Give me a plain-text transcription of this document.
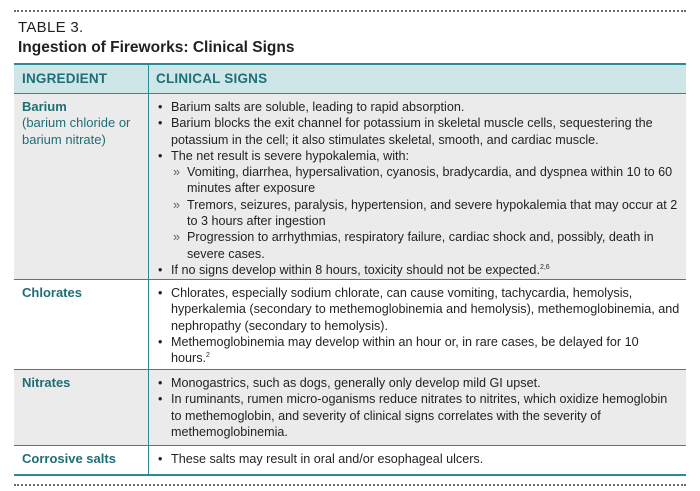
TABLE 3.
Ingestion of Fireworks: Clinical Signs
INGREDIENT	CLINICAL SIGNS
Barium
(barium chloride or barium nitrate)
• Barium salts are soluble, leading to rapid absorption.
• Barium blocks the exit channel for potassium in skeletal muscle cells, sequestering the potassium in the cell; it also stimulates skeletal, smooth, and cardiac muscle.
• The net result is severe hypokalemia, with:
» Vomiting, diarrhea, hypersalivation, cyanosis, bradycardia, and dyspnea within 10 to 60 minutes after exposure
» Tremors, seizures, paralysis, hypertension, and severe hypokalemia that may occur at 2 to 3 hours after ingestion
» Progression to arrhythmias, respiratory failure, cardiac shock and, possibly, death in severe cases.
• If no signs develop within 8 hours, toxicity should not be expected.$^{2,6}$
Chlorates	• Chlorates, especially sodium chlorate, can cause vomiting, tachycardia, hemolysis, hyperkalemia (secondary to methemoglobinemia and hemolysis), methemoglobinemia, and nephropathy (secondary to hemolysis).
• Methemoglobinemia may develop within an hour or, in rare cases, be delayed for 10 hours.$^2$
Nitrates	• Monogastrics, such as dogs, generally only develop mild GI upset.
• In ruminants, rumen micro-oganisms reduce nitrates to nitrites, which oxidize hemoglobin to methemoglobin, and severity of clinical signs correlates with the severity of methemoglobinemia.
Corrosive salts	• These salts may result in oral and/or esophageal ulcers.
